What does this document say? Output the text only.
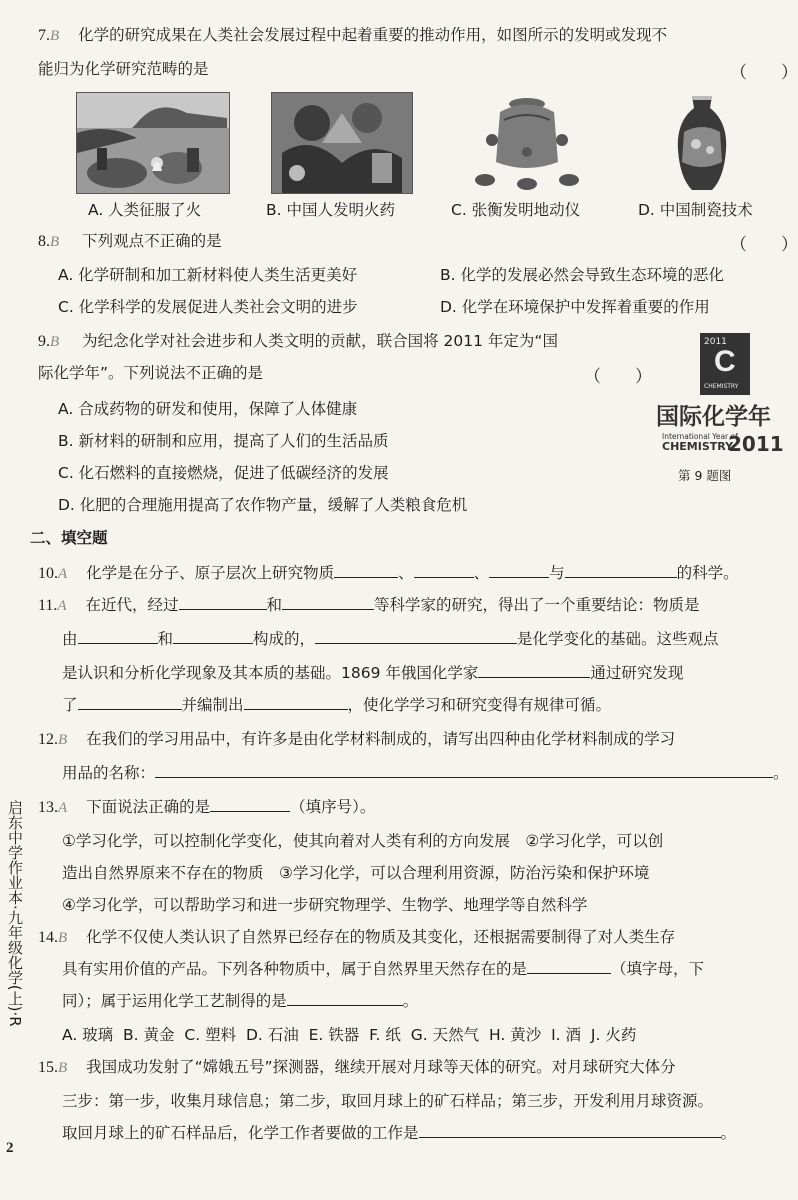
7.B 化学的研究成果在人类社会发展过程中起着重要的推动作用，如图所示的发明或发现不
能归为化学研究范畴的是	（　　）
A. 人类征服了火	B. 中国人发明火药	C. 张衡发明地动仪	D. 中国制瓷技术
8.B 下列观点不正确的是	（　　）
A. 化学研制和加工新材料使人类生活更美好	B. 化学的发展必然会导致生态环境的恶化
C. 化学科学的发展促进人类社会文明的进步	D. 化学在环境保护中发挥着重要的作用
9.B 为纪念化学对社会进步和人类文明的贡献，联合国将 2011 年定为“国
际化学年”。下列说法不正确的是	（　　）
A. 合成药物的研发和使用，保障了人体健康
B. 新材料的研制和应用，提高了人们的生活品质
C. 化石燃料的直接燃烧，促进了低碳经济的发展
D. 化肥的合理施用提高了农作物产量，缓解了人类粮食危机
2011
C
CHEMISTRY
国际化学年
International Year of
CHEMISTRY
2011
第 9 题图
二、填空题
10.A 化学是在分子、原子层次上研究物质	、	、	与	的科学。
11.A 在近代，经过	和	等科学家的研究，得出了一个重要结论：物质是
由	和	构成的，	是化学变化的基础。这些观点
是认识和分析化学现象及其本质的基础。1869 年俄国化学家	通过研究发现
了	并编制出	，使化学学习和研究变得有规律可循。
12.B 在我们的学习用品中，有许多是由化学材料制成的，请写出四种由化学材料制成的学习
用品的名称：	。
13.A 下面说法正确的是	（填序号）。
①学习化学，可以控制化学变化，使其向着对人类有利的方向发展　②学习化学，可以创
造出自然界原来不存在的物质　③学习化学，可以合理利用资源，防治污染和保护环境
④学习化学，可以帮助学习和进一步研究物理学、生物学、地理学等自然科学
14.B 化学不仅使人类认识了自然界已经存在的物质及其变化，还根据需要制得了对人类生存
具有实用价值的产品。下列各种物质中，属于自然界里天然存在的是	（填字母，下
同）；属于运用化学工艺制得的是	。
A. 玻璃 B. 黄金 C. 塑料 D. 石油 E. 铁器 F. 纸 G. 天然气 H. 黄沙 I. 酒 J. 火药
15.B 我国成功发射了“嫦娥五号”探测器，继续开展对月球等天体的研究。对月球研究大体分
三步：第一步，收集月球信息；第二步，取回月球上的矿石样品；第三步，开发利用月球资源。
取回月球上的矿石样品后，化学工作者要做的工作是	。
启东中学作业本·九年级化学(上)·R
2
